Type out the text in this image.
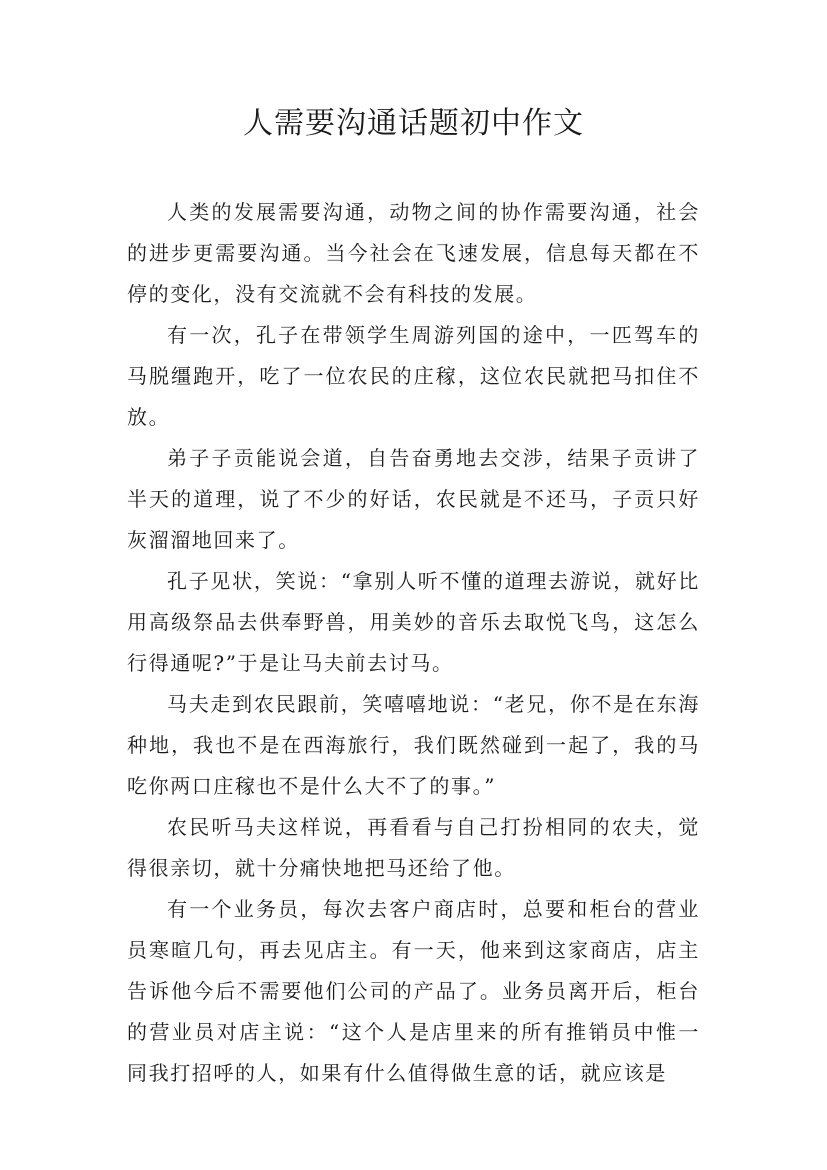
人需要沟通话题初中作文

人类的发展需要沟通，动物之间的协作需要沟通，社会的进步更需要沟通。当今社会在飞速发展，信息每天都在不停的变化，没有交流就不会有科技的发展。

有一次，孔子在带领学生周游列国的途中，一匹驾车的马脱缰跑开，吃了一位农民的庄稼，这位农民就把马扣住不放。

弟子子贡能说会道，自告奋勇地去交涉，结果子贡讲了半天的道理，说了不少的好话，农民就是不还马，子贡只好灰溜溜地回来了。

孔子见状，笑说：“拿别人听不懂的道理去游说，就好比用高级祭品去供奉野兽，用美妙的音乐去取悦飞鸟，这怎么行得通呢?”于是让马夫前去讨马。

马夫走到农民跟前，笑嘻嘻地说：“老兄，你不是在东海种地，我也不是在西海旅行，我们既然碰到一起了，我的马吃你两口庄稼也不是什么大不了的事。”

农民听马夫这样说，再看看与自己打扮相同的农夫，觉得很亲切，就十分痛快地把马还给了他。

有一个业务员，每次去客户商店时，总要和柜台的营业员寒暄几句，再去见店主。有一天，他来到这家商店，店主告诉他今后不需要他们公司的产品了。业务员离开后，柜台的营业员对店主说：“这个人是店里来的所有推销员中惟一同我打招呼的人，如果有什么值得做生意的话，就应该是
